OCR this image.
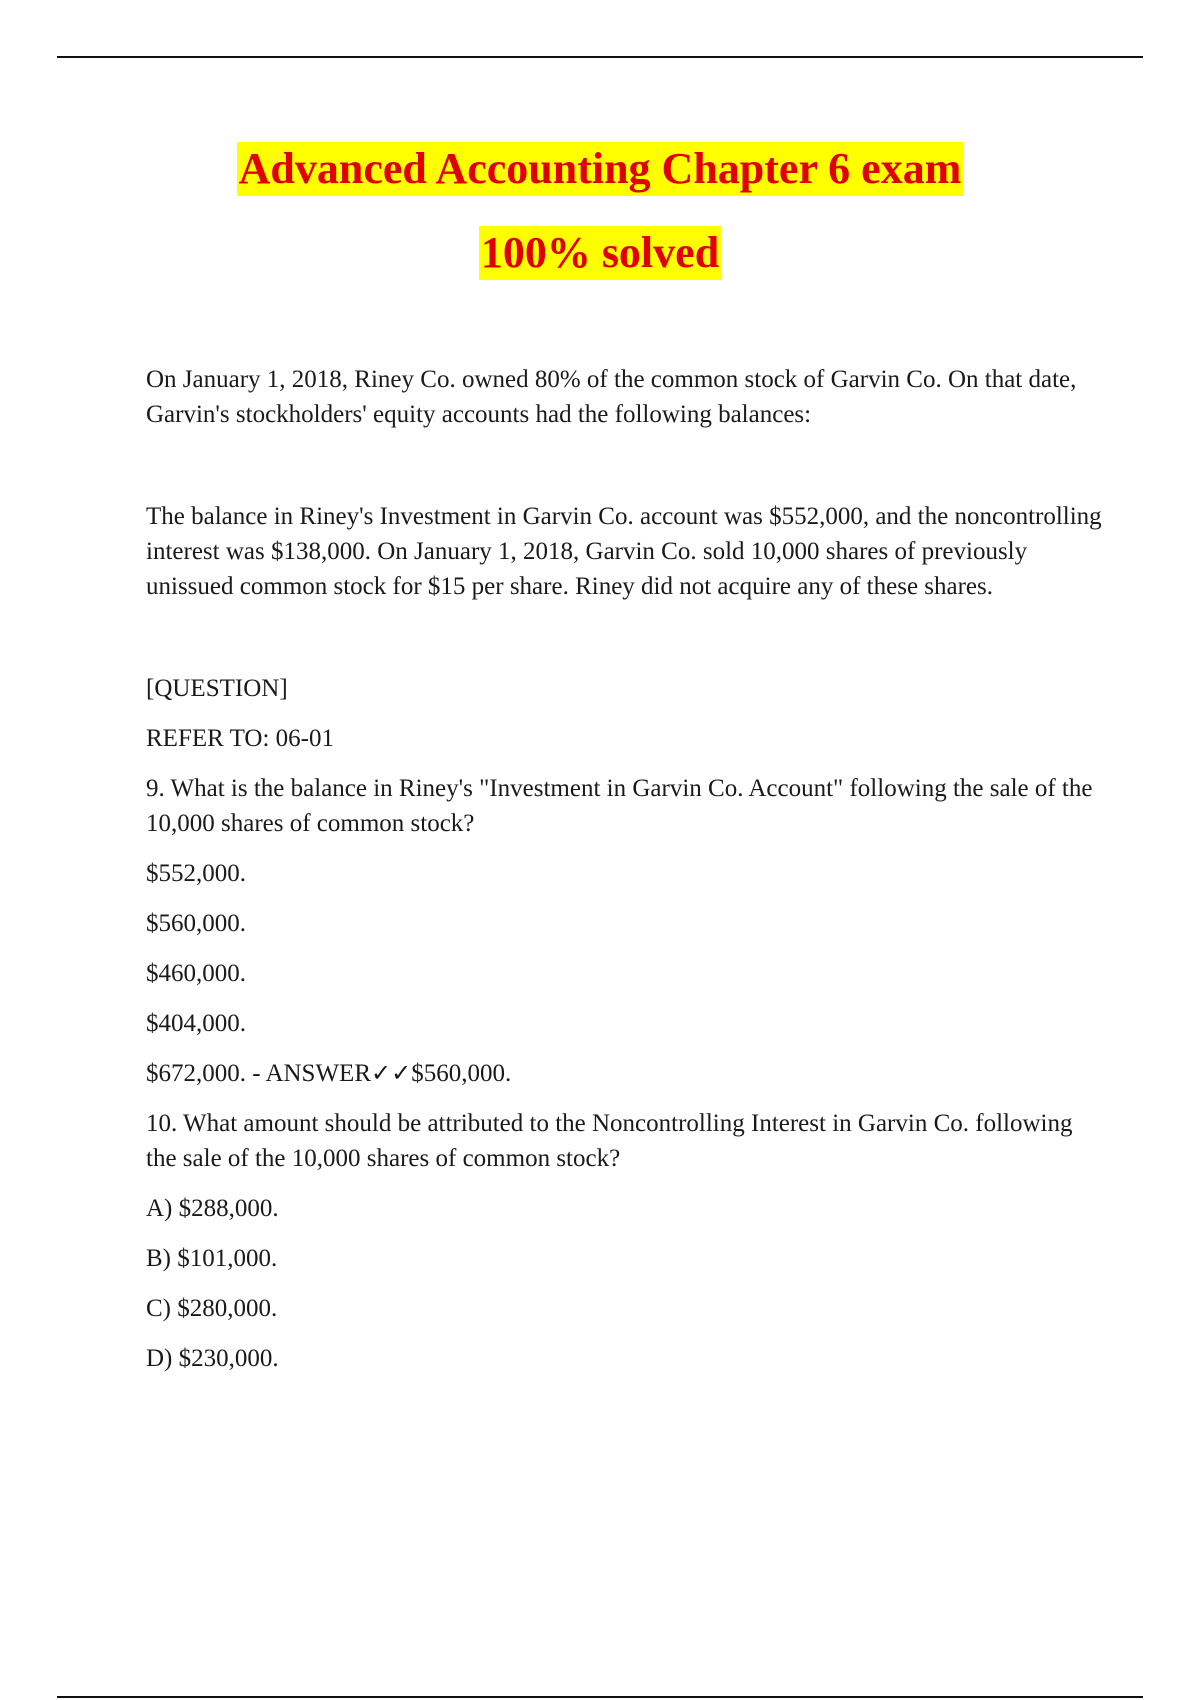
Advanced Accounting Chapter 6 exam
100% solved

On January 1, 2018, Riney Co. owned 80% of the common stock of Garvin Co. On that date, Garvin's stockholders' equity accounts had the following balances:

The balance in Riney's Investment in Garvin Co. account was $552,000, and the noncontrolling interest was $138,000. On January 1, 2018, Garvin Co. sold 10,000 shares of previously unissued common stock for $15 per share. Riney did not acquire any of these shares.

[QUESTION]

REFER TO: 06-01

9. What is the balance in Riney's "Investment in Garvin Co. Account" following the sale of the 10,000 shares of common stock?

$552,000.

$560,000.

$460,000.

$404,000.

$672,000. - ANSWER✓✓$560,000.

10. What amount should be attributed to the Noncontrolling Interest in Garvin Co. following the sale of the 10,000 shares of common stock?

A) $288,000.

B) $101,000.

C) $280,000.

D) $230,000.
